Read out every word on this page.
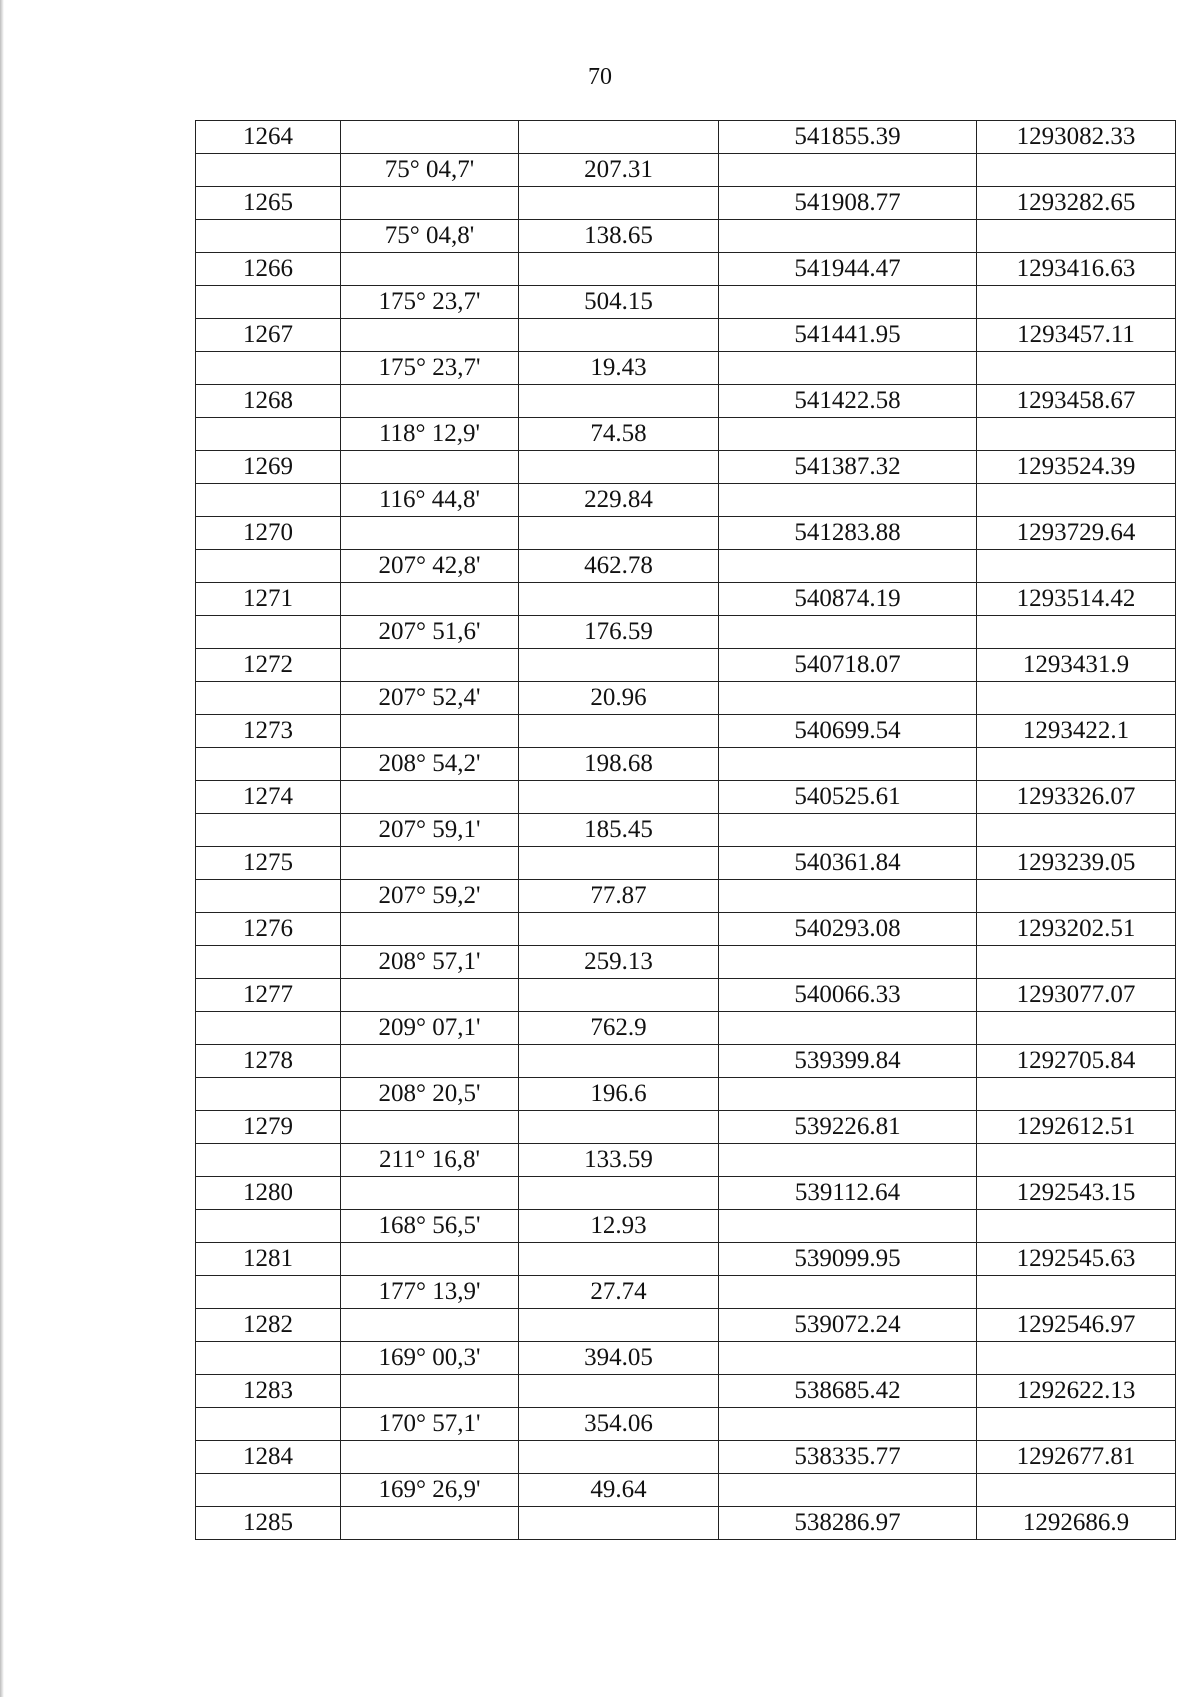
70
1264			541855.39	1293082.33
	75° 04,7'	207.31		
1265			541908.77	1293282.65
	75° 04,8'	138.65		
1266			541944.47	1293416.63
	175° 23,7'	504.15		
1267			541441.95	1293457.11
	175° 23,7'	19.43		
1268			541422.58	1293458.67
	118° 12,9'	74.58		
1269			541387.32	1293524.39
	116° 44,8'	229.84		
1270			541283.88	1293729.64
	207° 42,8'	462.78		
1271			540874.19	1293514.42
	207° 51,6'	176.59		
1272			540718.07	1293431.9
	207° 52,4'	20.96		
1273			540699.54	1293422.1
	208° 54,2'	198.68		
1274			540525.61	1293326.07
	207° 59,1'	185.45		
1275			540361.84	1293239.05
	207° 59,2'	77.87		
1276			540293.08	1293202.51
	208° 57,1'	259.13		
1277			540066.33	1293077.07
	209° 07,1'	762.9		
1278			539399.84	1292705.84
	208° 20,5'	196.6		
1279			539226.81	1292612.51
	211° 16,8'	133.59		
1280			539112.64	1292543.15
	168° 56,5'	12.93		
1281			539099.95	1292545.63
	177° 13,9'	27.74		
1282			539072.24	1292546.97
	169° 00,3'	394.05		
1283			538685.42	1292622.13
	170° 57,1'	354.06		
1284			538335.77	1292677.81
	169° 26,9'	49.64		
1285			538286.97	1292686.9
